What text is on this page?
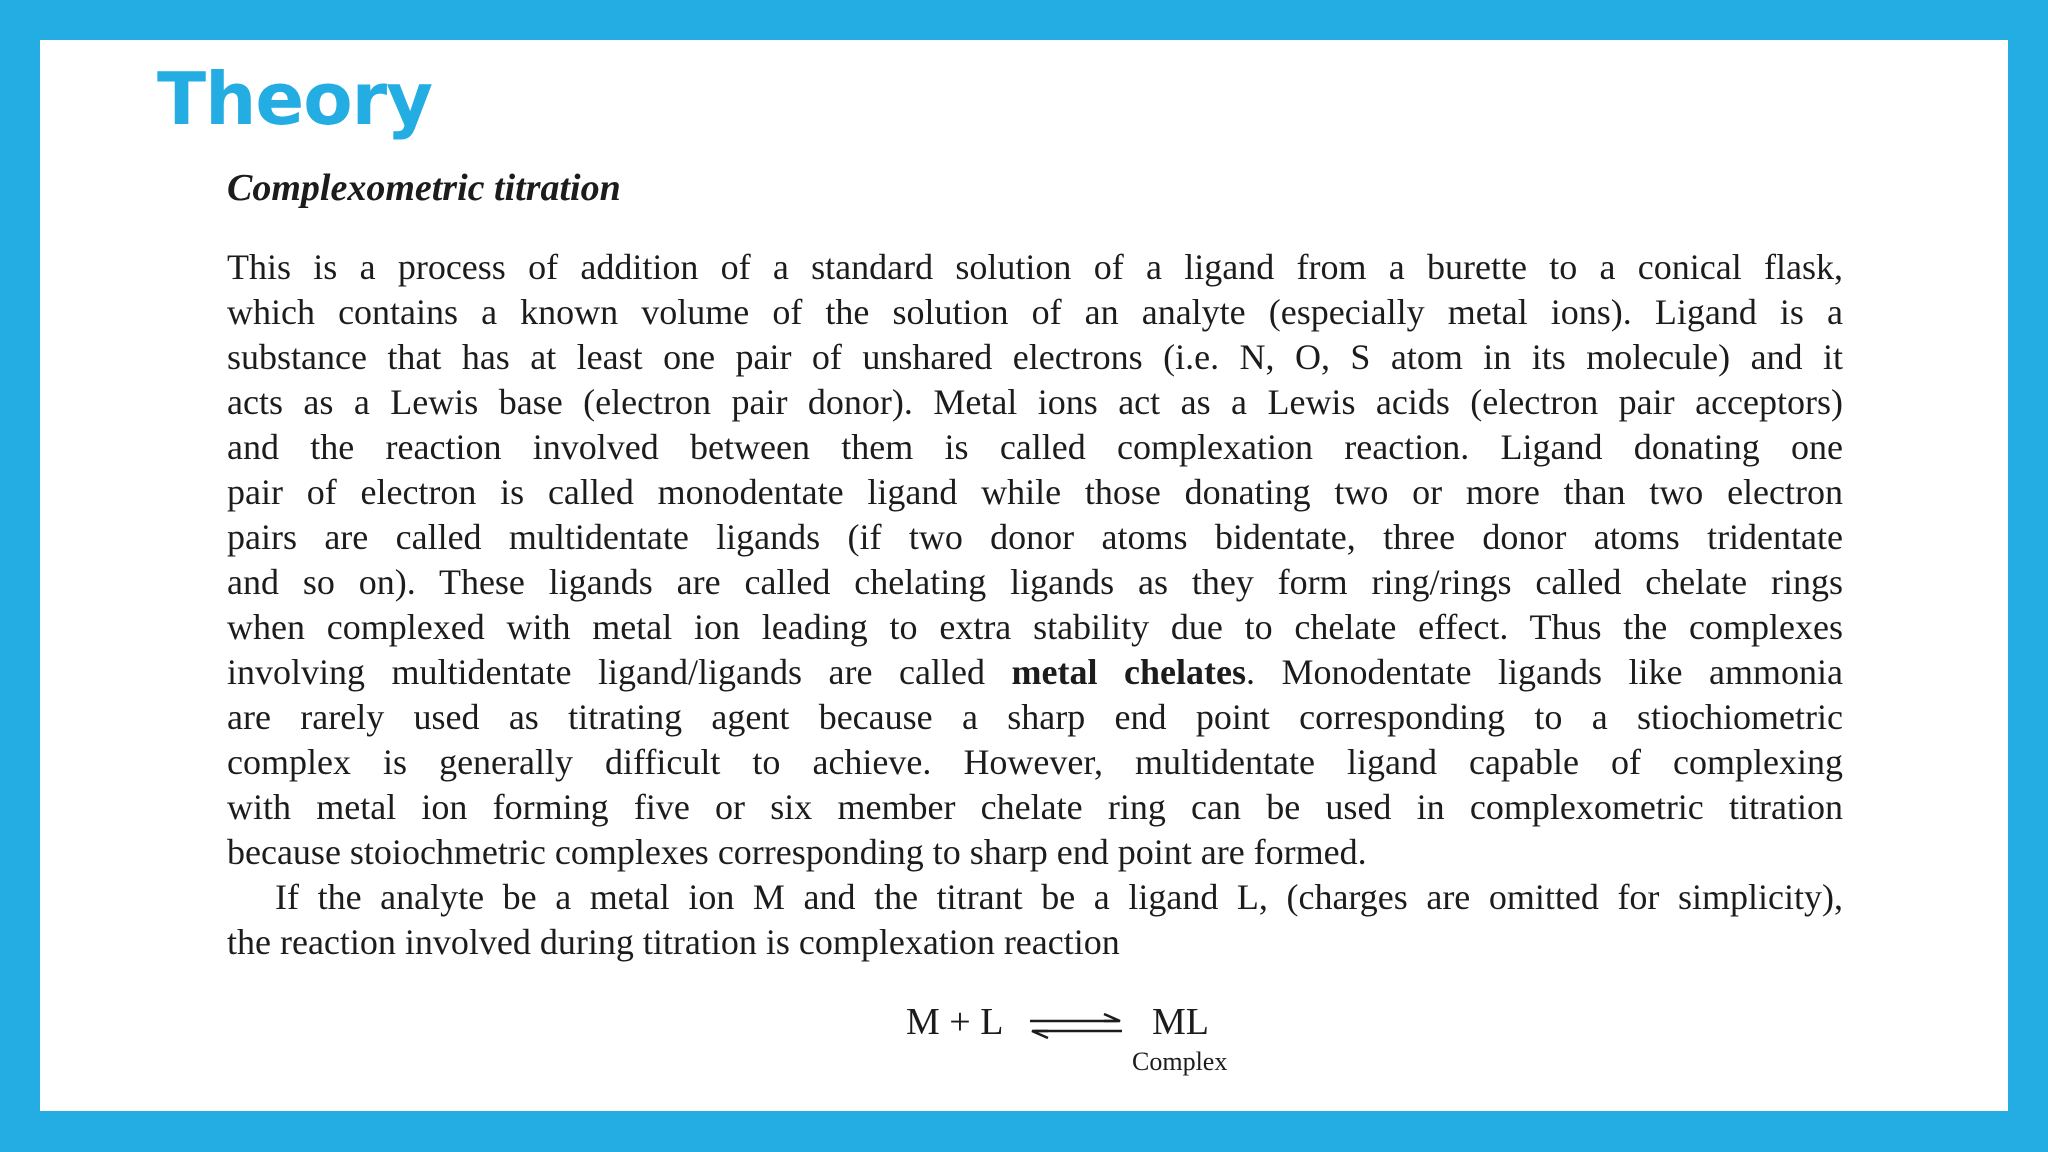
Theory
Complexometric titration
This is a process of addition of a standard solution of a ligand from a burette to a conical flask,
which contains a known volume of the solution of an analyte (especially metal ions). Ligand is a
substance that has at least one pair of unshared electrons (i.e. N, O, S atom in its molecule) and it
acts as a Lewis base (electron pair donor). Metal ions act as a Lewis acids (electron pair acceptors)
and the reaction involved between them is called complexation reaction. Ligand donating one
pair of electron is called monodentate ligand while those donating two or more than two electron
pairs are called multidentate ligands (if two donor atoms bidentate, three donor atoms tridentate
and so on). These ligands are called chelating ligands as they form ring/rings called chelate rings
when complexed with metal ion leading to extra stability due to chelate effect. Thus the complexes
involving multidentate ligand/ligands are called metal chelates. Monodentate ligands like ammonia
are rarely used as titrating agent because a sharp end point corresponding to a stiochiometric
complex is generally difficult to achieve. However, multidentate ligand capable of complexing
with metal ion forming five or six member chelate ring can be used in complexometric titration
because stoiochmetric complexes corresponding to sharp end point are formed.
If the analyte be a metal ion M and the titrant be a ligand L, (charges are omitted for simplicity),
the reaction involved during titration is complexation reaction
M + L	ML
Complex
